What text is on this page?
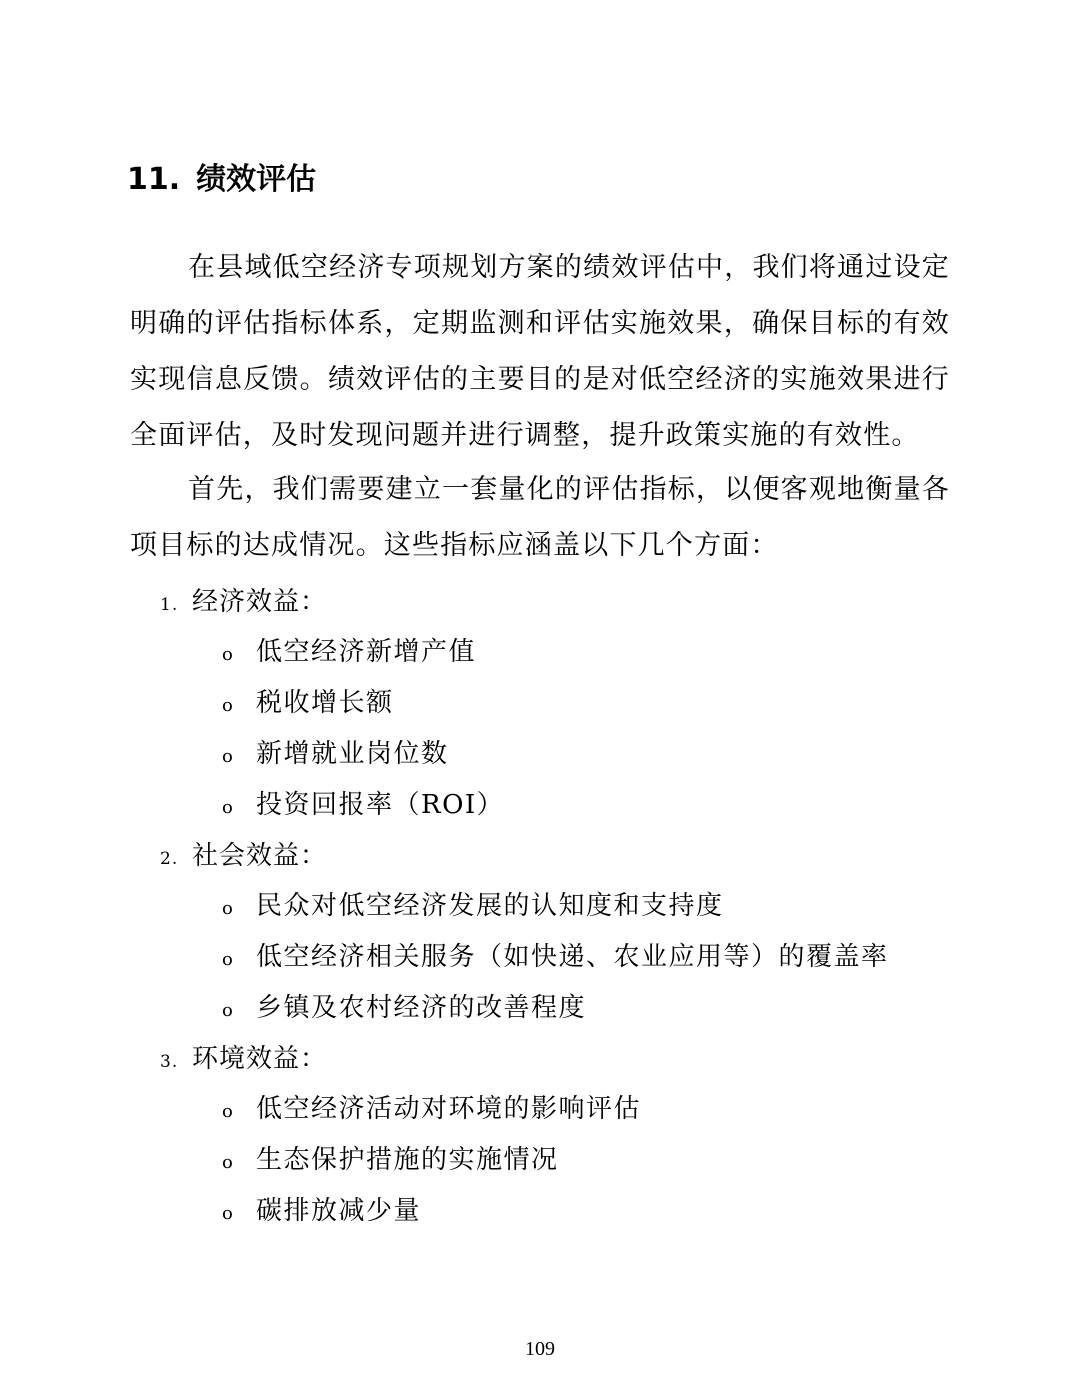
11. 绩效评估

在县域低空经济专项规划方案的绩效评估中，我们将通过设定明确的评估指标体系，定期监测和评估实施效果，确保目标的有效实现信息反馈。绩效评估的主要目的是对低空经济的实施效果进行全面评估，及时发现问题并进行调整，提升政策实施的有效性。

首先，我们需要建立一套量化的评估指标，以便客观地衡量各项目标的达成情况。这些指标应涵盖以下几个方面：

1. 经济效益：
o 低空经济新增产值
o 税收增长额
o 新增就业岗位数
o 投资回报率（ROI）
2. 社会效益：
o 民众对低空经济发展的认知度和支持度
o 低空经济相关服务（如快递、农业应用等）的覆盖率
o 乡镇及农村经济的改善程度
3. 环境效益：
o 低空经济活动对环境的影响评估
o 生态保护措施的实施情况
o 碳排放减少量
109
